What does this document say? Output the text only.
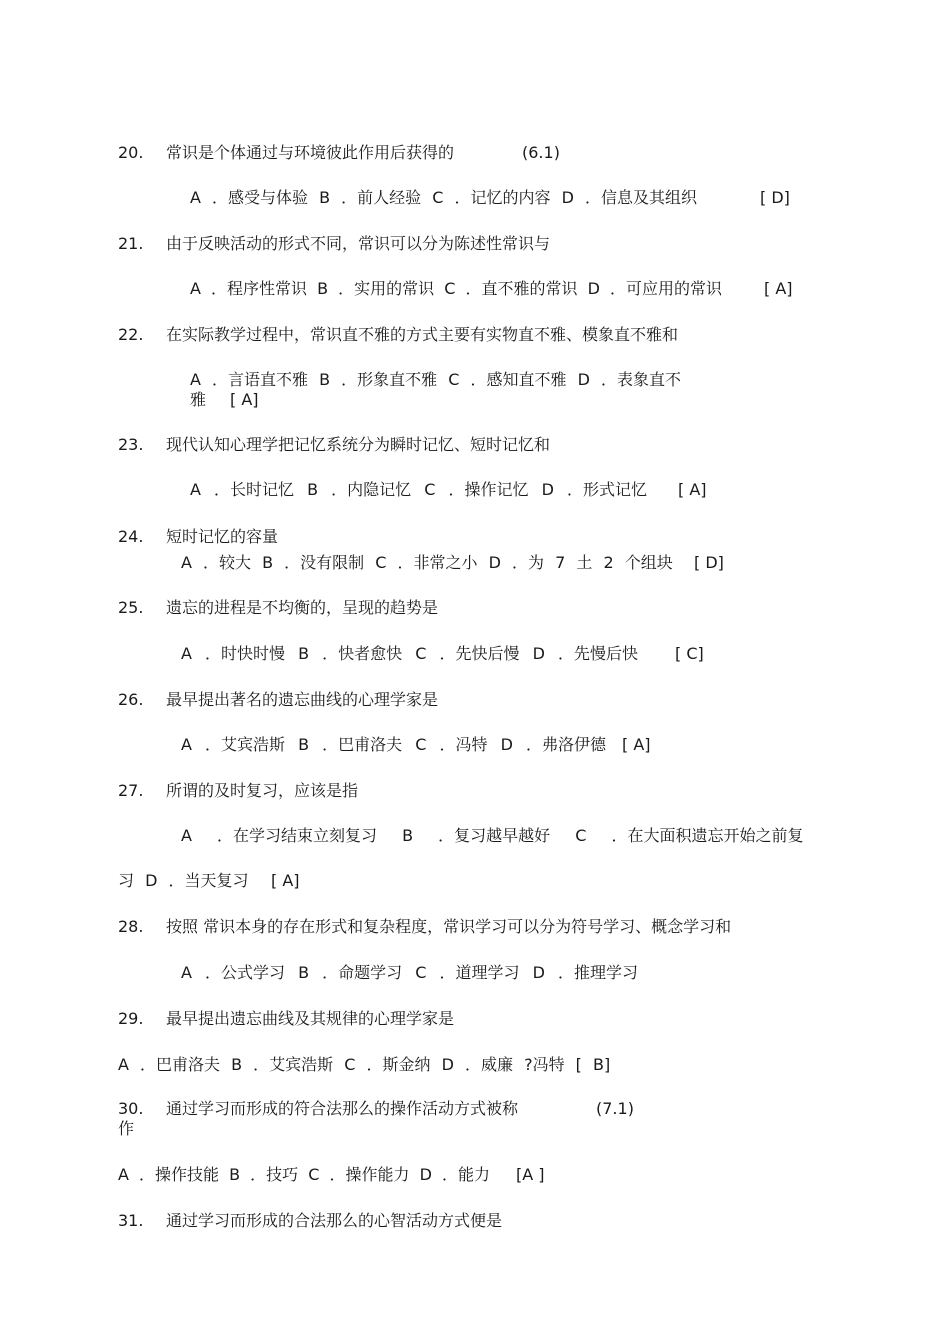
20. 常识是个体通过与环境彼此作用后获得的	(6.1)
A ．感受与体验 B ．前人经验 C ．记忆的内容 D ．信息及其组织	[ D]
21. 由于反映活动的形式不同，常识可以分为陈述性常识与
A ．程序性常识 B ．实用的常识 C ．直不雅的常识 D ．可应用的常识	[ A]
22. 在实际教学过程中，常识直不雅的方式主要有实物直不雅、模象直不雅和
A ．言语直不雅 B ．形象直不雅 C ．感知直不雅 D ．表象直不
雅 [ A]
23. 现代认知心理学把记忆系统分为瞬时记忆、短时记忆和
A ．长时记忆 B ．内隐记忆 C ．操作记忆 D ．形式记忆 [ A]
24. 短时记忆的容量
A ．较大 B ．没有限制 C ．非常之小 D ．为 7 土 2 个组块 [ D]
25. 遗忘的进程是不均衡的，呈现的趋势是
A ．时快时慢 B ．快者愈快 C ．先快后慢 D ．先慢后快 [ C]
26. 最早提出著名的遗忘曲线的心理学家是
A ．艾宾浩斯 B ．巴甫洛夫 C ．冯特 D ．弗洛伊德 [ A]
27. 所谓的及时复习，应该是指
A ．在学习结束立刻复习 B ．复习越早越好 C ．在大面积遗忘开始之前复
习 D ．当天复习 [ A]
28. 按照 常识本身的存在形式和复杂程度，常识学习可以分为符号学习、概念学习和
A ．公式学习 B ．命题学习 C ．道理学习 D ．推理学习
29. 最早提出遗忘曲线及其规律的心理学家是
A ．巴甫洛夫 B ．艾宾浩斯 C ．斯金纳 D ．威廉 ?冯特 [ B]
30. 通过学习而形成的符合法那么的操作活动方式被称	(7.1)
作
A ．操作技能 B ．技巧 C ．操作能力 D ．能力 [A ]
31. 通过学习而形成的合法那么的心智活动方式便是
